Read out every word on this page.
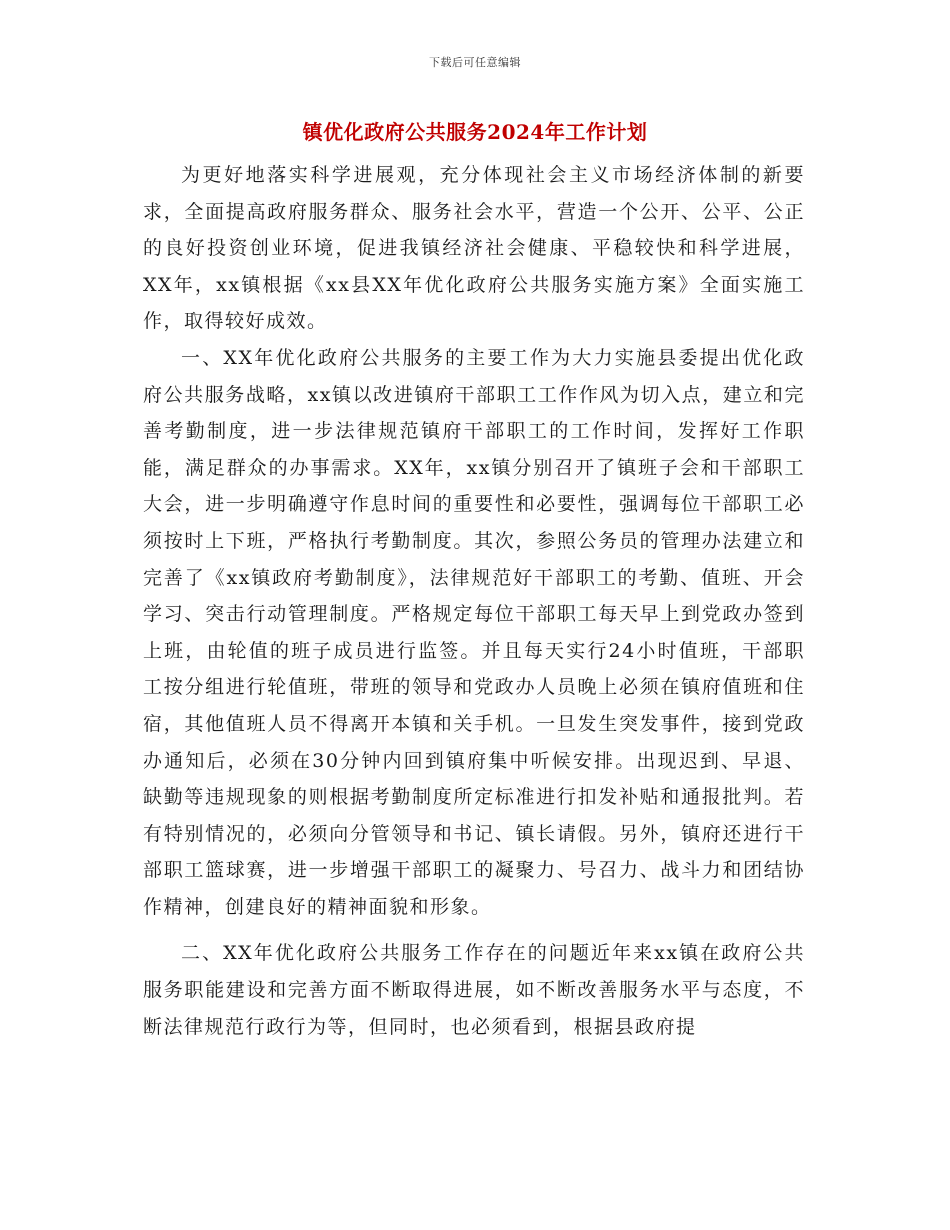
下载后可任意编辑
镇优化政府公共服务2024年工作计划

为更好地落实科学进展观，充分体现社会主义市场经济体制的新要求，全面提高政府服务群众、服务社会水平，营造一个公开、公平、公正的良好投资创业环境，促进我镇经济社会健康、平稳较快和科学进展，XX年，xx镇根据《xx县XX年优化政府公共服务实施方案》全面实施工作，取得较好成效。

一、XX年优化政府公共服务的主要工作为大力实施县委提出优化政府公共服务战略，xx镇以改进镇府干部职工工作作风为切入点，建立和完善考勤制度，进一步法律规范镇府干部职工的工作时间，发挥好工作职能，满足群众的办事需求。XX年，xx镇分别召开了镇班子会和干部职工大会，进一步明确遵守作息时间的重要性和必要性，强调每位干部职工必须按时上下班，严格执行考勤制度。其次，参照公务员的管理办法建立和完善了《xx镇政府考勤制度》，法律规范好干部职工的考勤、值班、开会学习、突击行动管理制度。严格规定每位干部职工每天早上到党政办签到上班，由轮值的班子成员进行监签。并且每天实行24小时值班，干部职工按分组进行轮值班，带班的领导和党政办人员晚上必须在镇府值班和住宿，其他值班人员不得离开本镇和关手机。一旦发生突发事件，接到党政办通知后，必须在30分钟内回到镇府集中听候安排。出现迟到、早退、缺勤等违规现象的则根据考勤制度所定标准进行扣发补贴和通报批判。若有特别情况的，必须向分管领导和书记、镇长请假。另外，镇府还进行干部职工篮球赛，进一步增强干部职工的凝聚力、号召力、战斗力和团结协作精神，创建良好的精神面貌和形象。

二、XX年优化政府公共服务工作存在的问题近年来xx镇在政府公共服务职能建设和完善方面不断取得进展，如不断改善服务水平与态度，不断法律规范行政行为等，但同时，也必须看到，根据县政府提
